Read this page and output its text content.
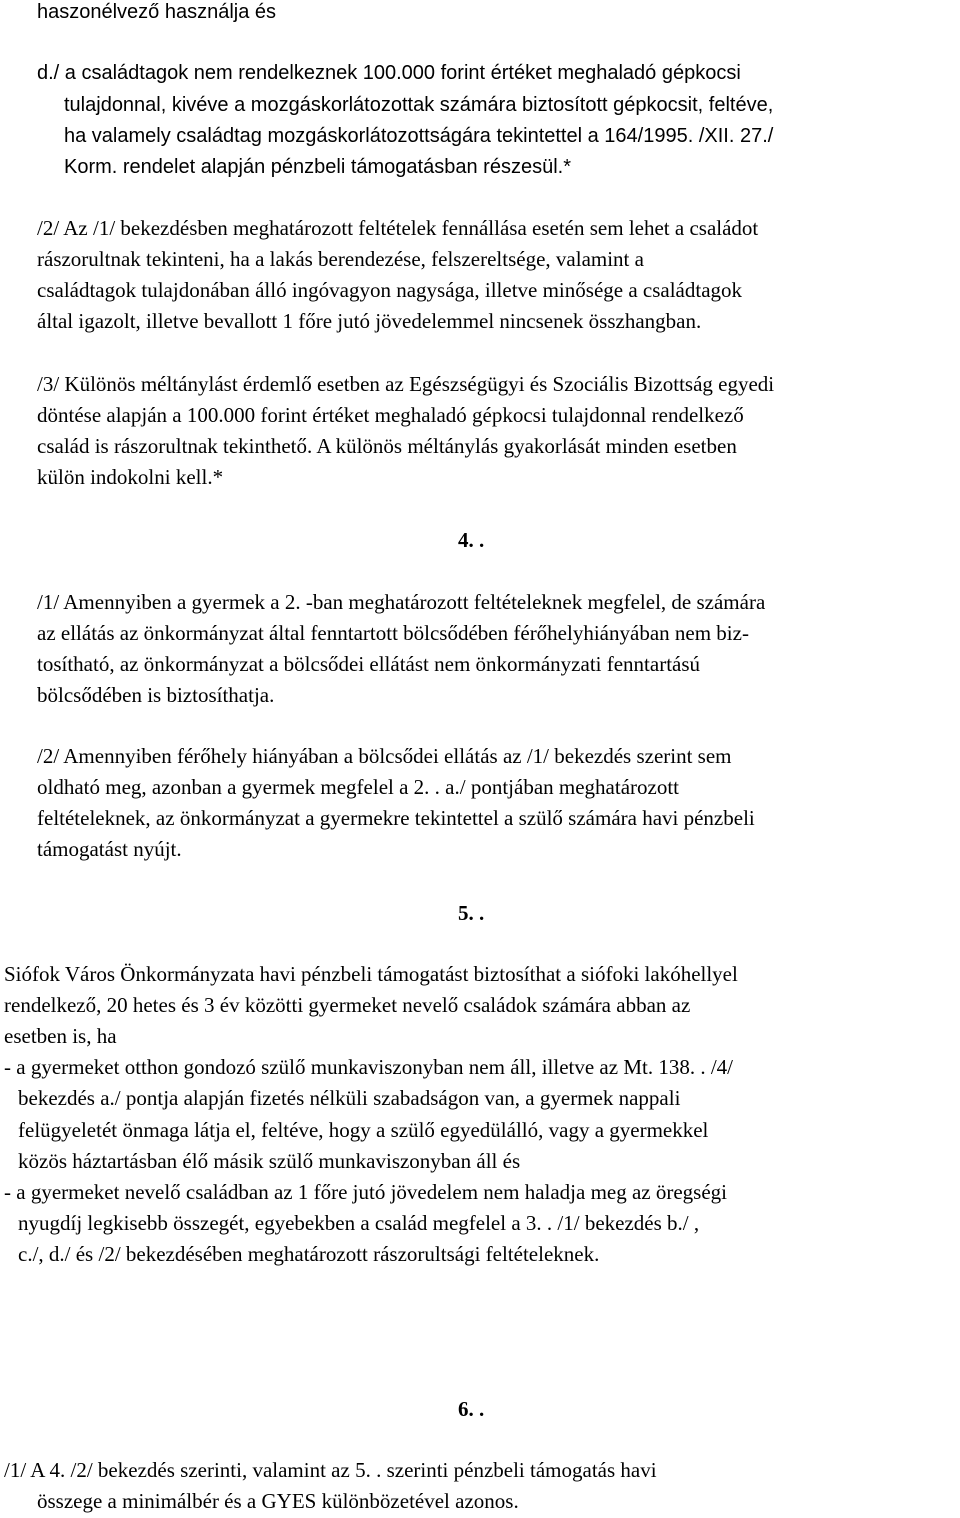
haszonélvező használja és
d./ a családtagok nem rendelkeznek 100.000 forint értéket meghaladó gépkocsi
tulajdonnal, kivéve a mozgáskorlátozottak számára biztosított gépkocsit, feltéve,
ha valamely családtag mozgáskorlátozottságára tekintettel a 164/1995. /XII. 27./
Korm. rendelet alapján pénzbeli támogatásban részesül.*
/2/ Az /1/ bekezdésben meghatározott feltételek fennállása esetén sem lehet a családot
rászorultnak tekinteni, ha a lakás berendezése, felszereltsége, valamint a
családtagok tulajdonában álló ingóvagyon nagysága, illetve minősége a családtagok
által igazolt, illetve bevallott 1 főre jutó jövedelemmel nincsenek összhangban.
/3/ Különös méltánylást érdemlő esetben az Egészségügyi és Szociális Bizottság egyedi
döntése alapján a 100.000 forint értéket meghaladó gépkocsi tulajdonnal rendelkező
család is rászorultnak tekinthető. A különös méltánylás gyakorlását minden esetben
külön indokolni kell.*
4. .
/1/ Amennyiben a gyermek a 2. -ban meghatározott feltételeknek megfelel, de számára
az ellátás az önkormányzat által fenntartott bölcsődében férőhelyhiányában nem biz-
tosítható, az önkormányzat a bölcsődei ellátást nem önkormányzati fenntartású
bölcsődében is biztosíthatja.
/2/ Amennyiben férőhely hiányában a bölcsődei ellátás az /1/ bekezdés szerint sem
oldható meg, azonban a gyermek megfelel a 2. . a./ pontjában meghatározott
feltételeknek, az önkormányzat a gyermekre tekintettel a szülő számára havi pénzbeli
támogatást nyújt.
5. .
Siófok Város Önkormányzata havi pénzbeli támogatást biztosíthat a siófoki lakóhellyel
rendelkező, 20 hetes és 3 év közötti gyermeket nevelő családok számára abban az
esetben is, ha
- a gyermeket otthon gondozó szülő munkaviszonyban nem áll, illetve az Mt. 138. . /4/
bekezdés a./ pontja alapján fizetés nélküli szabadságon van, a gyermek nappali
felügyeletét önmaga látja el, feltéve, hogy a szülő egyedülálló, vagy a gyermekkel
közös háztartásban élő másik szülő munkaviszonyban áll és
- a gyermeket nevelő családban az 1 főre jutó jövedelem nem haladja meg az öregségi
nyugdíj legkisebb összegét, egyebekben a család megfelel a 3. . /1/ bekezdés b./ ,
c./, d./ és /2/ bekezdésében meghatározott rászorultsági feltételeknek.
6. .
/1/ A 4. /2/ bekezdés szerinti, valamint az 5. . szerinti pénzbeli támogatás havi
összege a minimálbér és a GYES különbözetével azonos.
